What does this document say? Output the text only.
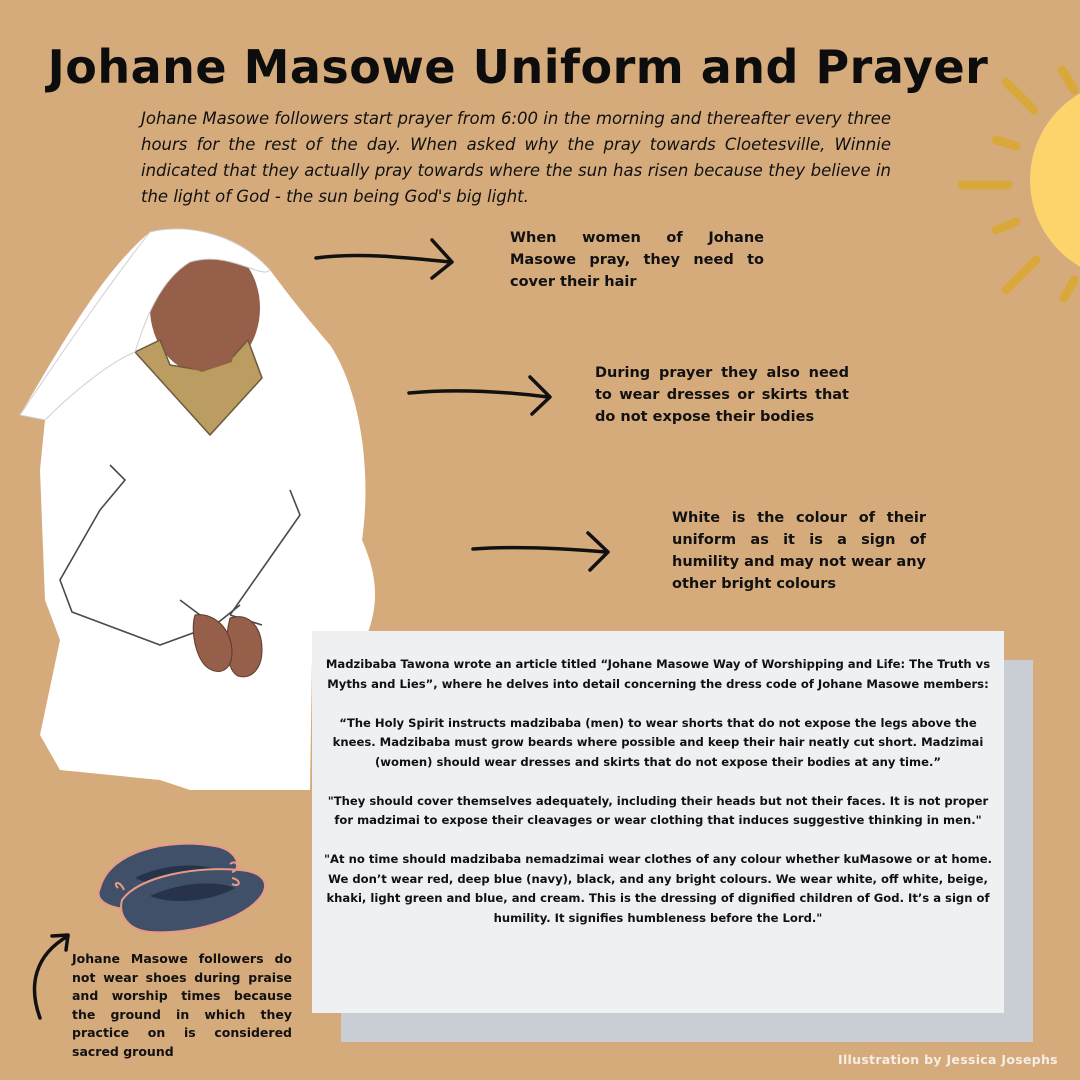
Johane Masowe Uniform and Prayer
Johane Masowe followers start prayer from 6:00 in the morning and thereafter every three hours for the rest of the day. When asked why the pray towards Cloetesville, Winnie indicated that they actually pray towards where the sun has risen because they believe in the light of God - the sun being God's big light.
When women of Johane Masowe pray, they need to cover their hair
During prayer they also need to wear dresses or skirts that do not expose their bodies
White is the colour of their uniform as it is a sign of humility and may not wear any other bright colours

Madzibaba Tawona wrote an article titled “Johane Masowe Way of Worshipping and Life: The Truth vs Myths and Lies”, where he delves into detail concerning the dress code of Johane Masowe members:

“The Holy Spirit instructs madzibaba (men) to wear shorts that do not expose the legs above the knees. Madzibaba must grow beards where possible and keep their hair neatly cut short. Madzimai (women) should wear dresses and skirts that do not expose their bodies at any time.”

"They should cover themselves adequately, including their heads but not their faces. It is not proper for madzimai to expose their cleavages or wear clothing that induces suggestive thinking in men."

"At no time should madzibaba nemadzimai wear clothes of any colour whether kuMasowe or at home. We don’t wear red, deep blue (navy), black, and any bright colours. We wear white, off white, beige, khaki, light green and blue, and cream. This is the dressing of dignified children of God. It’s a sign of humility. It signifies humbleness before the Lord."

Johane Masowe followers do not wear shoes during praise and worship times because the ground in which they practice on is considered sacred ground
Illustration by Jessica Josephs
